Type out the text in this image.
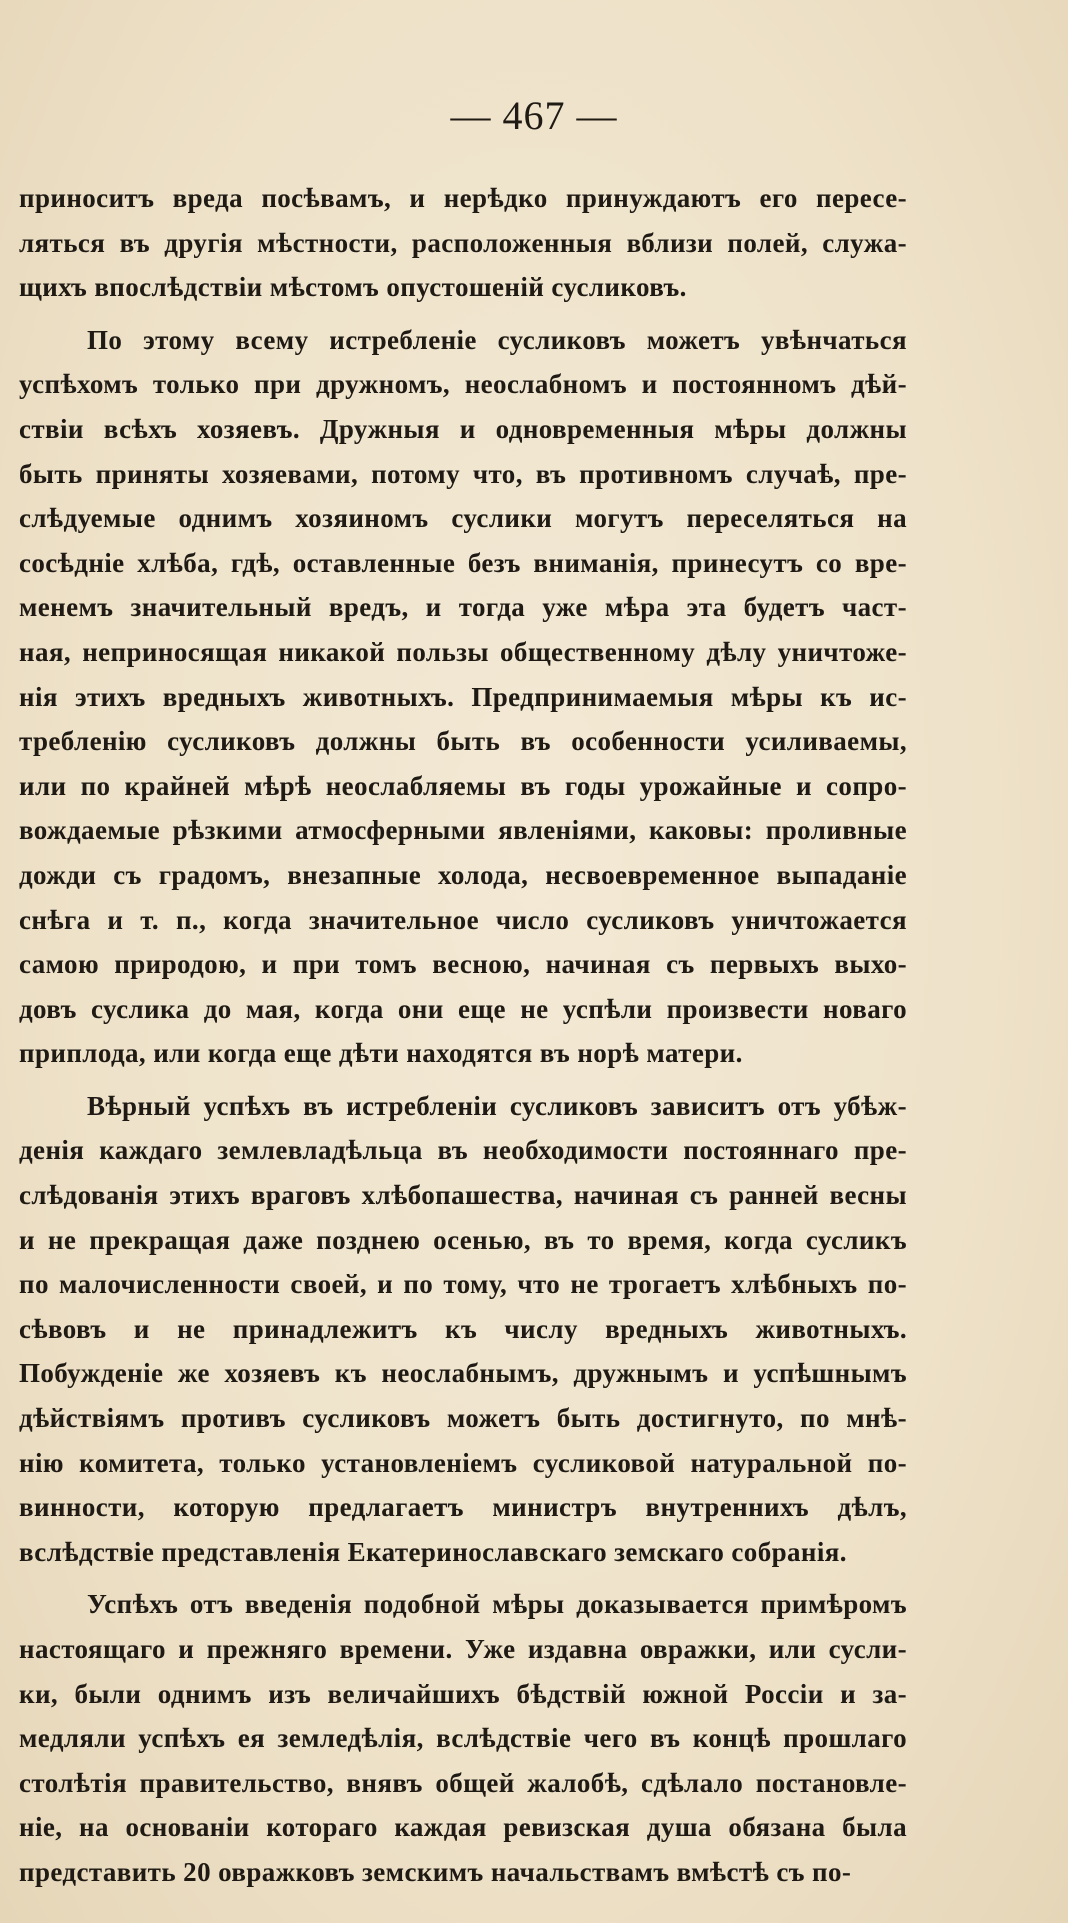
— 467 —
приноситъ вреда посѣвамъ, и нерѣдко принуждаютъ его пересе-
ляться въ другія мѣстности, расположенныя вблизи полей, служа-
щихъ впослѣдствіи мѣстомъ опустошеній сусликовъ.
По этому всему истребленіе сусликовъ можетъ увѣнчаться
успѣхомъ только при дружномъ, неослабномъ и постоянномъ дѣй-
ствіи всѣхъ хозяевъ. Дружныя и одновременныя мѣры должны
быть приняты хозяевами, потому что, въ противномъ случаѣ, пре-
слѣдуемые однимъ хозяиномъ суслики могутъ переселяться на
сосѣдніе хлѣба, гдѣ, оставленные безъ вниманія, принесутъ со вре-
менемъ значительный вредъ, и тогда уже мѣра эта будетъ част-
ная, неприносящая никакой пользы общественному дѣлу уничтоже-
нія этихъ вредныхъ животныхъ. Предпринимаемыя мѣры къ ис-
требленію сусликовъ должны быть въ особенности усиливаемы,
или по крайней мѣрѣ неослабляемы въ годы урожайные и сопро-
вождаемые рѣзкими атмосферными явленіями, каковы: проливные
дожди съ градомъ, внезапные холода, несвоевременное выпаданіе
снѣга и т. п., когда значительное число сусликовъ уничтожается
самою природою, и при томъ весною, начиная съ первыхъ выхо-
довъ суслика до мая, когда они еще не успѣли произвести новаго
приплода, или когда еще дѣти находятся въ норѣ матери.
Вѣрный успѣхъ въ истребленіи сусликовъ зависитъ отъ убѣж-
денія каждаго землевладѣльца въ необходимости постояннаго пре-
слѣдованія этихъ враговъ хлѣбопашества, начиная съ ранней весны
и не прекращая даже позднею осенью, въ то время, когда сусликъ
по малочисленности своей, и по тому, что не трогаетъ хлѣбныхъ по-
сѣвовъ и не принадлежитъ къ числу вредныхъ животныхъ.
Побужденіе же хозяевъ къ неослабнымъ, дружнымъ и успѣшнымъ
дѣйствіямъ противъ сусликовъ можетъ быть достигнуто, по мнѣ-
нію комитета, только установленіемъ сусликовой натуральной по-
винности, которую предлагаетъ министръ внутреннихъ дѣлъ,
вслѣдствіе представленія Екатеринославскаго земскаго собранія.
Успѣхъ отъ введенія подобной мѣры доказывается примѣромъ
настоящаго и прежняго времени. Уже издавна овражки, или сусли-
ки, были однимъ изъ величайшихъ бѣдствій южной Россіи и за-
медляли успѣхъ ея земледѣлія, вслѣдствіе чего въ концѣ прошлаго
столѣтія правительство, внявъ общей жалобѣ, сдѣлало постановле-
ніе, на основаніи котораго каждая ревизская душа обязана была
представить 20 овражковъ земскимъ начальствамъ вмѣстѣ съ по-
